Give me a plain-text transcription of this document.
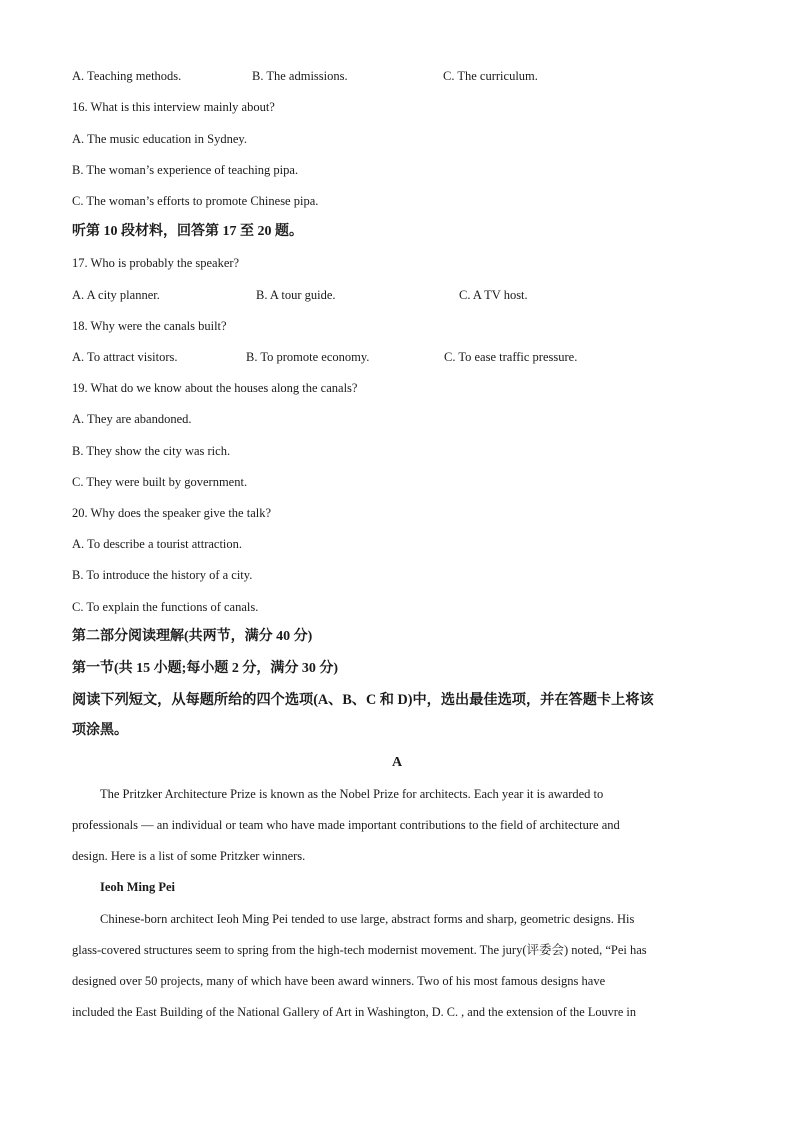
A. Teaching methods.	B. The admissions.	C. The curriculum.
16. What is this interview mainly about?
A. The music education in Sydney.
B. The woman’s experience of teaching pipa.
C. The woman’s efforts to promote Chinese pipa.
听第 10 段材料，回答第 17 至 20 题。
17. Who is probably the speaker?
A. A city planner.	B. A tour guide.	C. A TV host.
18. Why were the canals built?
A. To attract visitors.	B. To promote economy.	C. To ease traffic pressure.
19. What do we know about the houses along the canals?
A. They are abandoned.
B. They show the city was rich.
C. They were built by government.
20. Why does the speaker give the talk?
A. To describe a tourist attraction.
B. To introduce the history of a city.
C. To explain the functions of canals.
第二部分阅读理解(共两节，满分 40 分)
第一节(共 15 小题;每小题 2 分，满分 30 分)
阅读下列短文，从每题所给的四个选项(A、B、C 和 D)中，选出最佳选项，并在答题卡上将该
项涂黑。
A
The Pritzker Architecture Prize is known as the Nobel Prize for architects. Each year it is awarded to
professionals — an individual or team who have made important contributions to the field of architecture and
design. Here is a list of some Pritzker winners.
Ieoh Ming Pei
Chinese-born architect Ieoh Ming Pei tended to use large, abstract forms and sharp, geometric designs. His
glass-covered structures seem to spring from the high-tech modernist movement. The jury(评委会) noted, “Pei has
designed over 50 projects, many of which have been award winners. Two of his most famous designs have
included the East Building of the National Gallery of Art in Washington, D. C. , and the extension of the Louvre in
